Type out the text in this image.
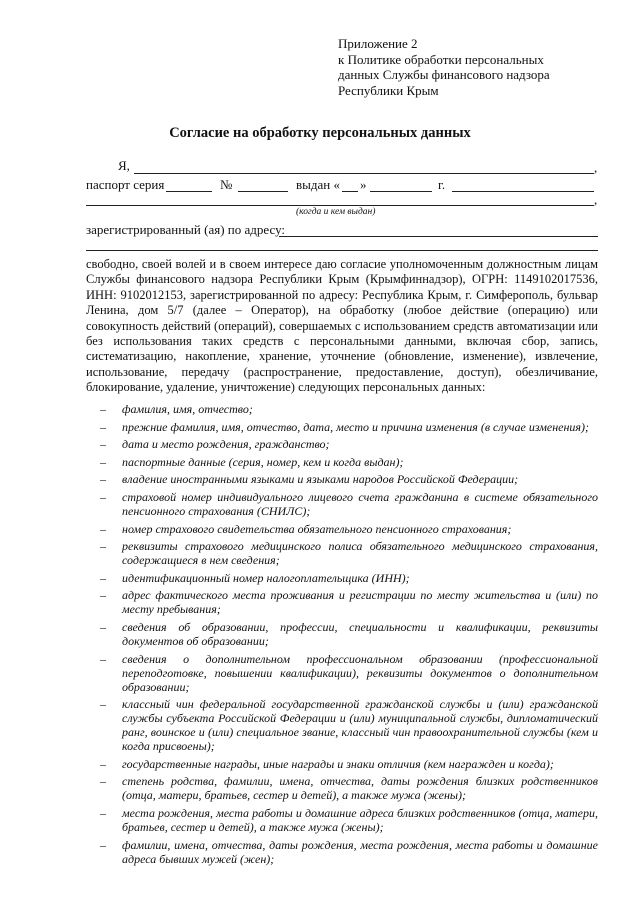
Приложение 2
к Политике обработки персональных
данных Службы финансового надзора
Республики Крым
Согласие на обработку персональных данных
Я,	,
паспорт серия	№	выдан « »	г.
,
(когда и кем выдан)
зарегистрированный (ая) по адресу:
свободно, своей волей и в своем интересе даю согласие уполномоченным должностным лицам Службы финансового надзора Республики Крым (Крымфиннадзор), ОГРН: 1149102017536, ИНН: 9102012153, зарегистрированной по адресу: Республика Крым, г. Симферополь, бульвар Ленина, дом 5/7 (далее – Оператор), на обработку (любое действие (операцию) или совокупность действий (операций), совершаемых с использованием средств автоматизации или без использования таких средств с персональными данными, включая сбор, запись, систематизацию, накопление, хранение, уточнение (обновление, изменение), извлечение, использование, передачу (распространение, предоставление, доступ), обезличивание, блокирование, удаление, уничтожение) следующих персональных данных:
– фамилия, имя, отчество;
– прежние фамилия, имя, отчество, дата, место и причина изменения (в случае изменения);
– дата и место рождения, гражданство;
– паспортные данные (серия, номер, кем и когда выдан);
– владение иностранными языками и языками народов Российской Федерации;
– страховой номер индивидуального лицевого счета гражданина в системе обязательного пенсионного страхования (СНИЛС);
– номер страхового свидетельства обязательного пенсионного страхования;
– реквизиты страхового медицинского полиса обязательного медицинского страхования, содержащиеся в нем сведения;
– идентификационный номер налогоплательщика (ИНН);
– адрес фактического места проживания и регистрации по месту жительства и (или) по месту пребывания;
– сведения об образовании, профессии, специальности и квалификации, реквизиты документов об образовании;
– сведения о дополнительном профессиональном образовании (профессиональной переподготовке, повышении квалификации), реквизиты документов о дополнительном образовании;
– классный чин федеральной государственной гражданской службы и (или) гражданской службы субъекта Российской Федерации и (или) муниципальной службы, дипломатический ранг, воинское и (или) специальное звание, классный чин правоохранительной службы (кем и когда присвоены);
– государственные награды, иные награды и знаки отличия (кем награжден и когда);
– степень родства, фамилии, имена, отчества, даты рождения близких родственников (отца, матери, братьев, сестер и детей), а также мужа (жены);
– места рождения, места работы и домашние адреса близких родственников (отца, матери, братьев, сестер и детей), а также мужа (жены);
– фамилии, имена, отчества, даты рождения, места рождения, места работы и домашние адреса бывших мужей (жен);
